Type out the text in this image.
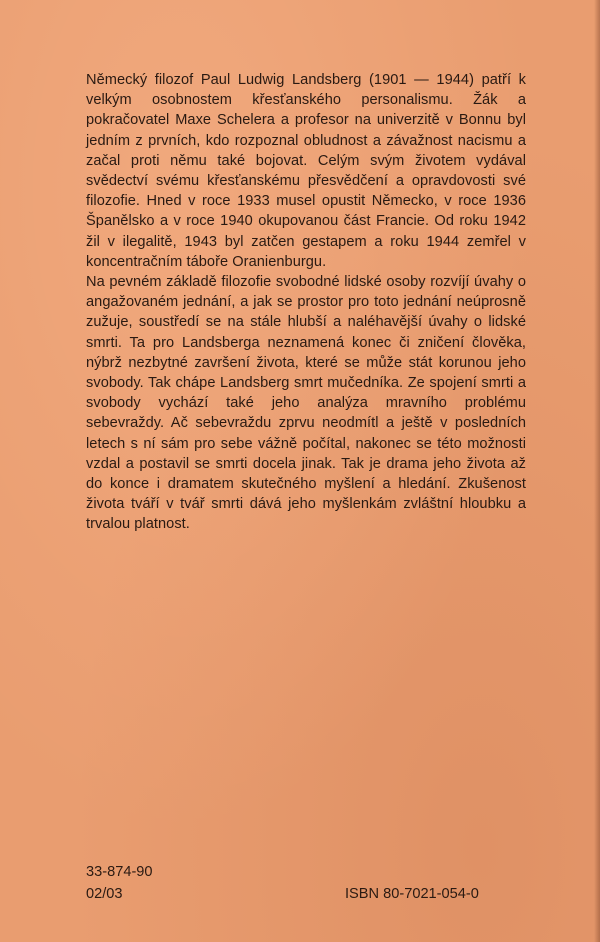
Německý filozof Paul Ludwig Landsberg (1901 — 1944) patří k velkým osobnostem křesťanského personalismu. Žák a pokračovatel Maxe Schelera a profesor na univerzitě v Bonnu byl jedním z prvních, kdo rozpoznal obludnost a závažnost nacismu a začal proti němu také bojovat. Celým svým životem vydával svědectví svému křesťanskému přesvědčení a opravdovosti své filozofie. Hned v roce 1933 musel opustit Německo, v roce 1936 Španělsko a v roce 1940 okupovanou část Francie. Od roku 1942 žil v ilegalitě, 1943 byl zatčen gestapem a roku 1944 zemřel v koncentračním táboře Oranienburgu.

Na pevném základě filozofie svobodné lidské osoby rozvíjí úvahy o angažovaném jednání, a jak se prostor pro toto jednání neúprosně zužuje, soustředí se na stále hlubší a naléhavější úvahy o lidské smrti. Ta pro Landsberga neznamená konec či zničení člověka, nýbrž nezbytné završení života, které se může stát korunou jeho svobody. Tak chápe Landsberg smrt mučedníka. Ze spojení smrti a svobody vychází také jeho analýza mravního problému sebevraždy. Ač sebevraždu zprvu neodmítl a ještě v posledních letech s ní sám pro sebe vážně počítal, nakonec se této možnosti vzdal a postavil se smrti docela jinak. Tak je drama jeho života až do konce i dramatem skutečného myšlení a hledání. Zkušenost života tváří v tvář smrti dává jeho myšlenkám zvláštní hloubku a trvalou platnost.

33-874-90
02/03	ISBN 80-7021-054-0
